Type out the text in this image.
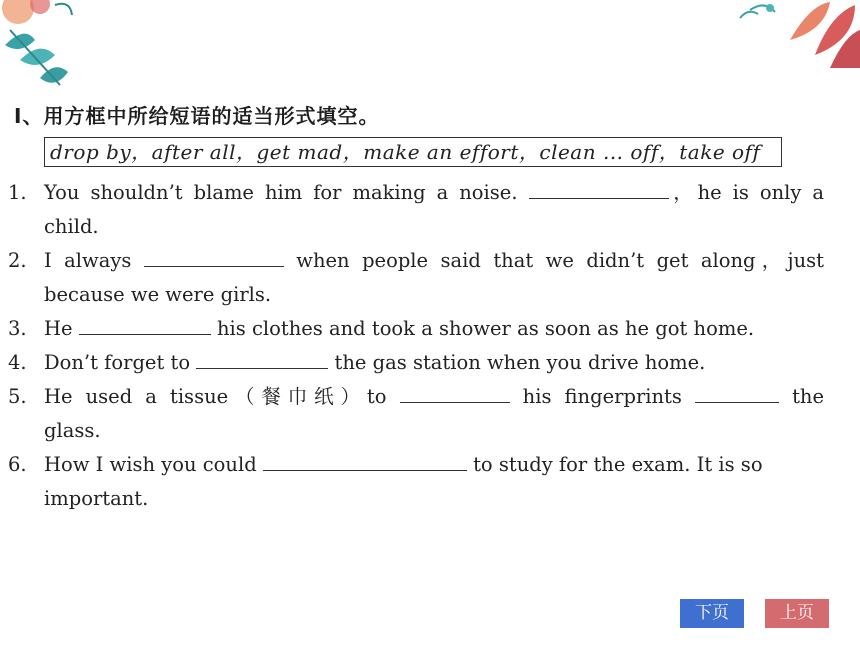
Ⅰ、用方框中所给短语的适当形式填空。
drop by，after all，get mad，make an effort，clean ... off，take off
1. You shouldn’t blame him for making a noise.	，he is only a
child.
2. I always	when people said that we didn’t get along，just
because we were girls.
3. He	his clothes and took a shower as soon as he got home.
4. Don’t forget to	the gas station when you drive home.
5. He used a tissue（餐巾纸）to	his fingerprints	the
glass.
6. How I wish you could	to study for the exam. It is so
important.
下页	上页
